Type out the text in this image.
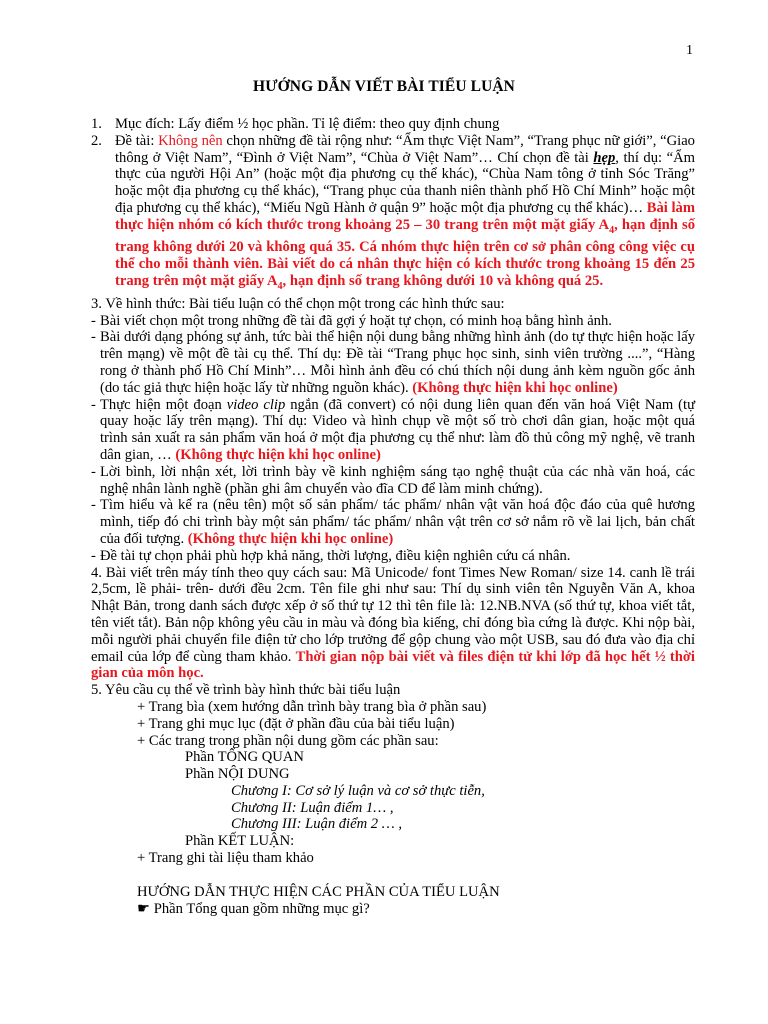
1
HƯỚNG DẪN VIẾT BÀI TIỂU LUẬN
1. Mục đích: Lấy điểm ½ học phần. Tỉ lệ điểm: theo quy định chung
2. Đề tài: Không nên chọn những đề tài rộng như: “Ẩm thực Việt Nam”, “Trang phục nữ giới”, “Giao thông ở Việt Nam”, “Đình ở Việt Nam”, “Chùa ở Việt Nam”… Chí chọn đề tài hẹp, thí dụ: “Ẩm thực của người Hội An” (hoặc một địa phương cụ thể khác), “Chùa Nam tông ở tỉnh Sóc Trăng” hoặc một địa phương cụ thể khác), “Trang phục của thanh niên thành phố Hồ Chí Minh” hoặc một địa phương cụ thể khác), “Miếu Ngũ Hành ở quận 9” hoặc một địa phương cụ thể khác)… Bài làm thực hiện nhóm có kích thước trong khoảng 25 – 30 trang trên một mặt giấy $A_4$, hạn định số trang không dưới 20 và không quá 35. Cá nhóm thực hiện trên cơ sở phân công công việc cụ thể cho mỗi thành viên. Bài viết do cá nhân thực hiện có kích thước trong khoảng 15 đến 25 trang trên một mặt giấy $A_4$, hạn định số trang không dưới 10 và không quá 25.
3. Về hình thức: Bài tiểu luận có thể chọn một trong các hình thức sau:
- Bài viết chọn một trong những đề tài đã gợi ý hoặt tự chọn, có minh hoạ bằng hình ảnh.
- Bài dưới dạng phóng sự ảnh, tức bài thể hiện nội dung bằng những hình ảnh (do tự thực hiện hoặc lấy trên mạng) về một đề tài cụ thể. Thí dụ: Đề tài “Trang phục học sinh, sinh viên trường ....”, “Hàng rong ở thành phố Hồ Chí Minh”… Mỗi hình ảnh đều có chú thích nội dung ảnh kèm nguồn gốc ảnh (do tác giả thực hiện hoặc lấy từ những nguồn khác). (Không thực hiện khi học online)
- Thực hiện một đoạn video clip ngắn (đã convert) có nội dung liên quan đến văn hoá Việt Nam (tự quay hoặc lấy trên mạng). Thí dụ: Video và hình chụp về một số trò chơi dân gian, hoặc một quá trình sản xuất ra sản phẩm văn hoá ở một địa phương cụ thể như: làm đồ thủ công mỹ nghệ, vẽ tranh dân gian, … (Không thực hiện khi học online)
- Lời bình, lời nhận xét, lời trình bày về kinh nghiệm sáng tạo nghệ thuật của các nhà văn hoá, các nghệ nhân lành nghề (phần ghi âm chuyển vào đĩa CD để làm minh chứng).
- Tìm hiểu và kể ra (nêu tên) một số sản phẩm/ tác phẩm/ nhân vật văn hoá độc đáo của quê hương mình, tiếp đó chi trình bày một sản phẩm/ tác phẩm/ nhân vật trên cơ sở nắm rõ về lai lịch, bản chất của đối tượng. (Không thực hiện khi học online)
- Đề tài tự chọn phải phù hợp khả năng, thời lượng, điều kiện nghiên cứu cá nhân.
4. Bài viết trên máy tính theo quy cách sau: Mã Unicode/ font Times New Roman/ size 14. canh lề trái 2,5cm, lề phải- trên- dưới đều 2cm. Tên file ghi như sau: Thí dụ sinh viên tên Nguyễn Văn A, khoa Nhật Bản, trong danh sách được xếp ở số thứ tự 12 thì tên file là: 12.NB.NVA (số thứ tự, khoa viết tắt, tên viết tắt). Bản nộp không yêu cầu in màu và đóng bìa kiếng, chỉ đóng bìa cứng là được. Khi nộp bài, mỗi người phải chuyển file điện tử cho lớp trưởng để gộp chung vào một USB, sau đó đưa vào địa chỉ email của lớp để cùng tham khảo. Thời gian nộp bài viết và files điện tử khi lớp đã học hết ½ thời gian của môn học.
5. Yêu cầu cụ thể về trình bày hình thức bài tiểu luận
+ Trang bìa (xem hướng dẫn trình bày trang bìa ở phần sau)
+ Trang ghi mục lục (đặt ở phần đầu của bài tiểu luận)
+ Các trang trong phần nội dung gồm các phần sau:
Phần TỔNG QUAN
Phần NỘI DUNG
Chương I: Cơ sở lý luận và cơ sở thực tiễn,
Chương II: Luận điểm 1… ,
Chương III: Luận điểm 2 … ,
Phần KẾT LUẬN:
+ Trang ghi tài liệu tham khảo
HƯỚNG DẪN THỰC HIỆN CÁC PHẦN CỦA TIỂU LUẬN
☛ Phần Tổng quan gồm những mục gì?
